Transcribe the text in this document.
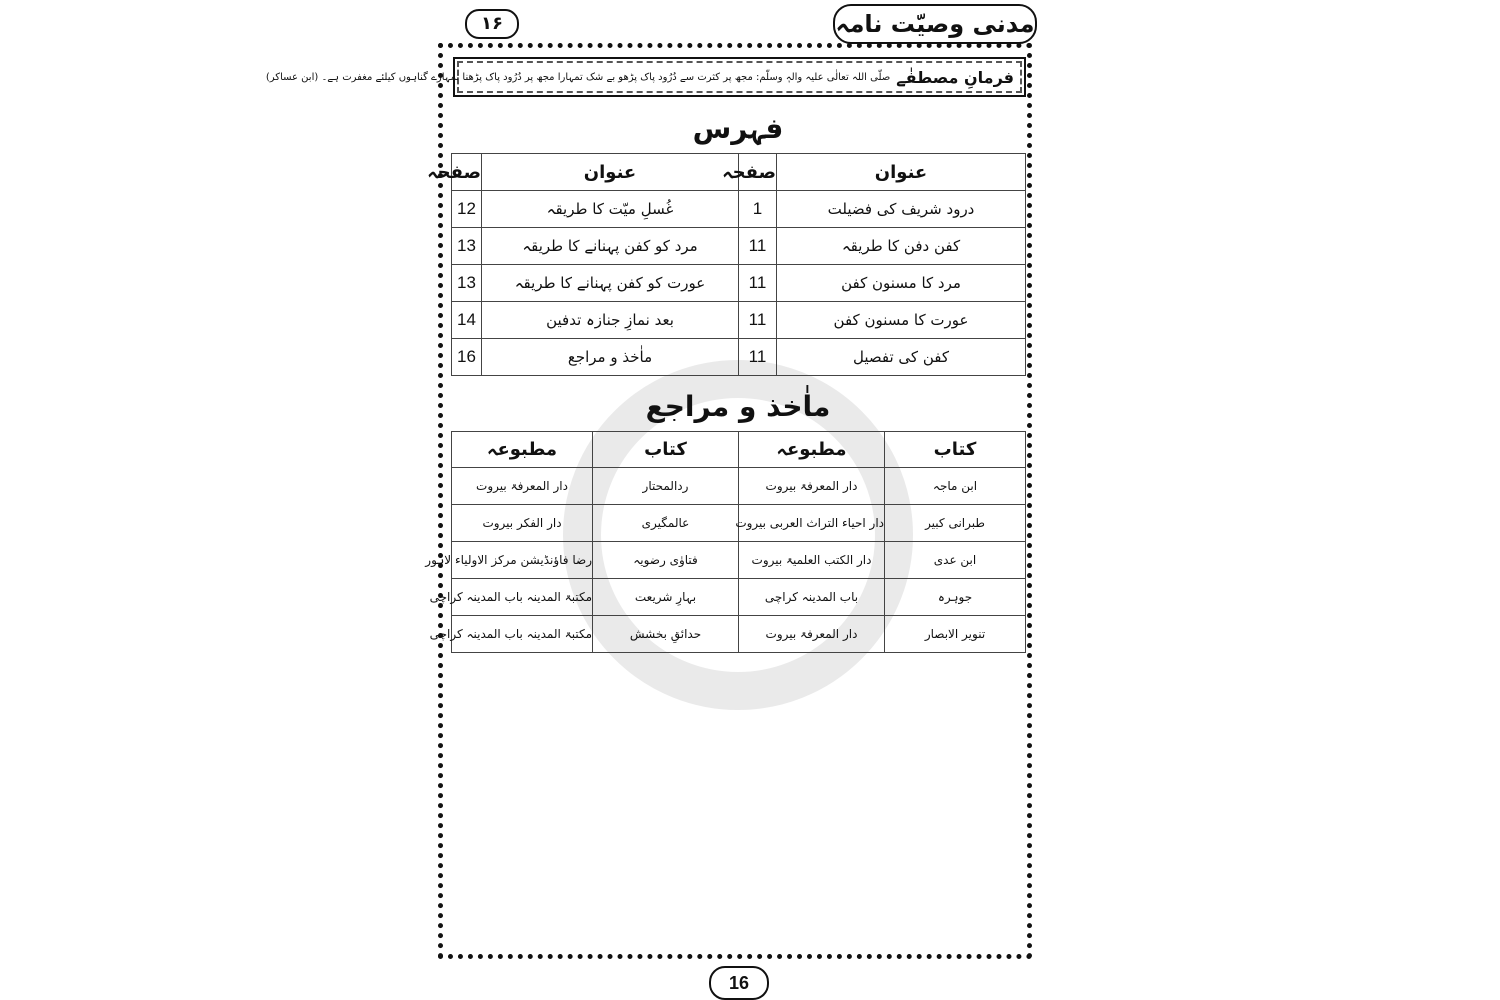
مدنی وصیّت نامہ
۱۶
فرمانِ مصطفٰے
صلّی اللہ تعالٰی علیہ والہٖ وسلّم: مجھ پر کثرت سے دُرُود پاک پڑھو بے شک تمہارا مجھ پر دُرُود پاک پڑھنا تمہارے گناہوں کیلئے مغفرت ہے۔ (ابن عساکر)
فہرس
عنوان	صفحہ	عنوان	صفحہ
درود شریف کی فضیلت	1	غُسلِ میّت کا طریقہ	12
کفن دفن کا طریقہ	11	مرد کو کفن پہنانے کا طریقہ	13
مرد کا مسنون کفن	11	عورت کو کفن پہنانے کا طریقہ	13
عورت کا مسنون کفن	11	بعد نمازِ جنازہ تدفین	14
کفن کی تفصیل	11	ماٰخذ و مراجع	16
ماٰخذ و مراجع
کتاب	مطبوعہ	کتاب	مطبوعہ
ابن ماجہ	دار المعرفۃ بیروت	ردالمحتار	دار المعرفۃ بیروت
طبرانی کبیر	دار احیاء التراث العربی بیروت	عالمگیری	دار الفکر بیروت
ابن عدی	دار الکتب العلمیۃ بیروت	فتاوٰی رضویہ	رضا فاؤنڈیشن مرکز الاولیاء لاہور
جوہرہ	باب المدینہ کراچی	بہارِ شریعت	مکتبۃ المدینہ باب المدینہ کراچی
تنویر الابصار	دار المعرفۃ بیروت	حدائقِ بخشش	مکتبۃ المدینہ باب المدینہ کراچی
16
